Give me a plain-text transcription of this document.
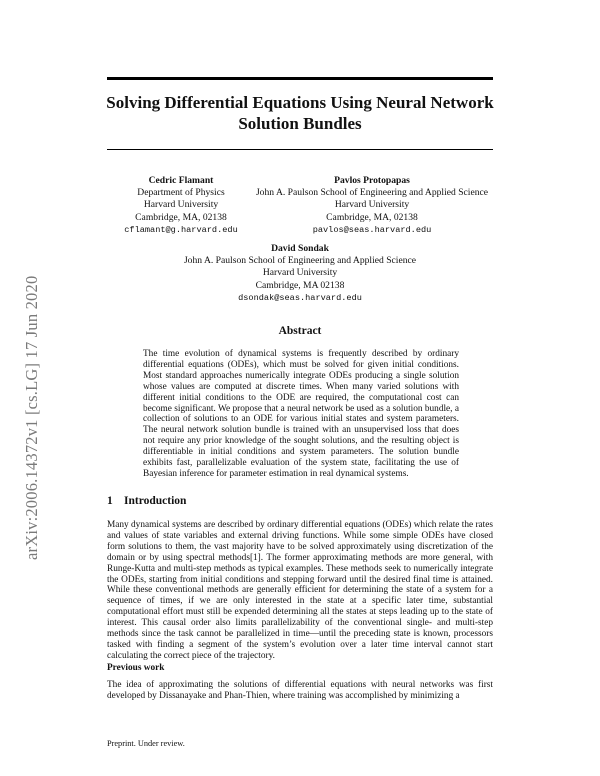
arXiv:2006.14372v1 [cs.LG] 17 Jun 2020
Solving Differential Equations Using Neural Network Solution Bundles
Cedric Flamant
Department of Physics
Harvard University
Cambridge, MA, 02138
cflamant@g.harvard.edu
Pavlos Protopapas
John A. Paulson School of Engineering and Applied Science
Harvard University
Cambridge, MA, 02138
pavlos@seas.harvard.edu
David Sondak
John A. Paulson School of Engineering and Applied Science
Harvard University
Cambridge, MA 02138
dsondak@seas.harvard.edu
Abstract
The time evolution of dynamical systems is frequently described by ordinary differential equations (ODEs), which must be solved for given initial conditions. Most standard approaches numerically integrate ODEs producing a single solution whose values are computed at discrete times. When many varied solutions with different initial conditions to the ODE are required, the computational cost can become significant. We propose that a neural network be used as a solution bundle, a collection of solutions to an ODE for various initial states and system parameters. The neural network solution bundle is trained with an unsupervised loss that does not require any prior knowledge of the sought solutions, and the resulting object is differentiable in initial conditions and system parameters. The solution bundle exhibits fast, parallelizable evaluation of the system state, facilitating the use of Bayesian inference for parameter estimation in real dynamical systems.
1 Introduction
Many dynamical systems are described by ordinary differential equations (ODEs) which relate the rates and values of state variables and external driving functions. While some simple ODEs have closed form solutions to them, the vast majority have to be solved approximately using discretization of the domain or by using spectral methods[1]. The former approximating methods are more general, with Runge-Kutta and multi-step methods as typical examples. These methods seek to numerically integrate the ODEs, starting from initial conditions and stepping forward until the desired final time is attained. While these conventional methods are generally efficient for determining the state of a system for a sequence of times, if we are only interested in the state at a specific later time, substantial computational effort must still be expended determining all the states at steps leading up to the state of interest. This causal order also limits parallelizability of the conventional single- and multi-step methods since the task cannot be parallelized in time—until the preceding state is known, processors tasked with finding a segment of the system’s evolution over a later time interval cannot start calculating the correct piece of the trajectory.
Previous work
The idea of approximating the solutions of differential equations with neural networks was first developed by Dissanayake and Phan-Thien, where training was accomplished by minimizing a
Preprint. Under review.
